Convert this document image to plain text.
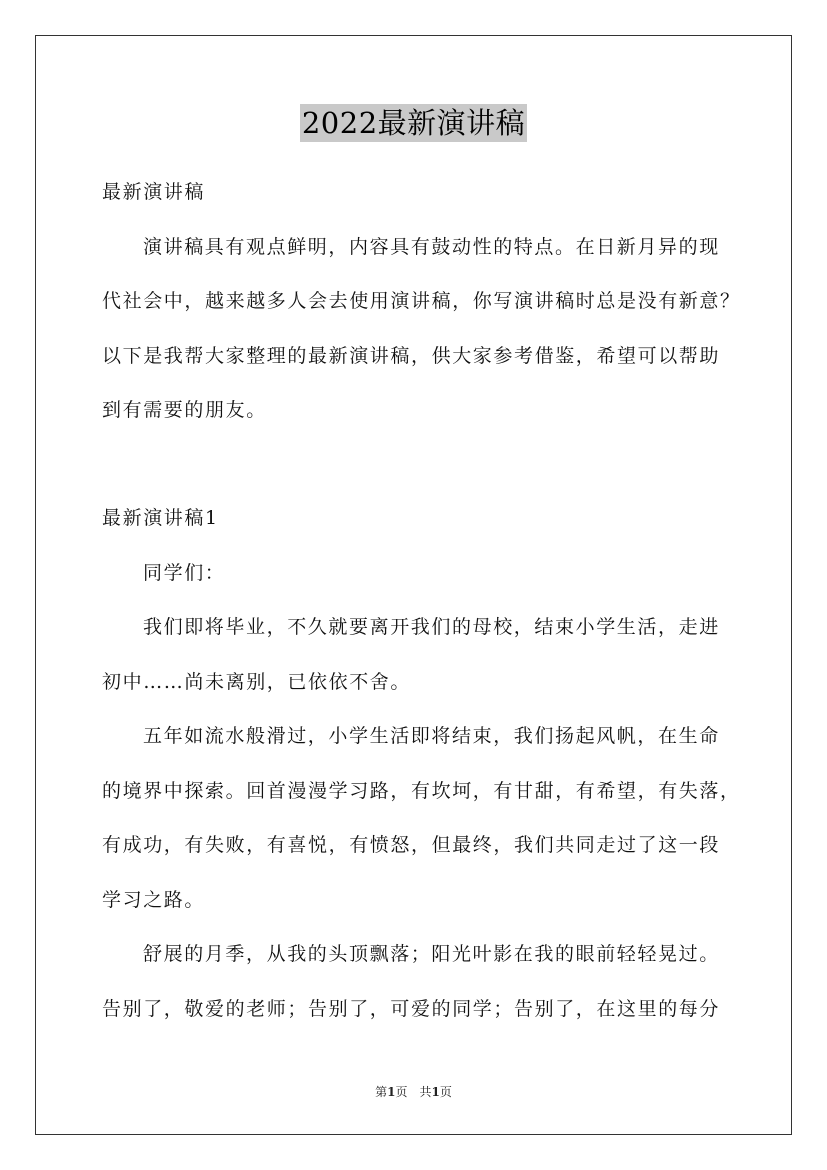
2022最新演讲稿
最新演讲稿
演讲稿具有观点鲜明，内容具有鼓动性的特点。在日新月异的现
代社会中，越来越多人会去使用演讲稿，你写演讲稿时总是没有新意？
以下是我帮大家整理的最新演讲稿，供大家参考借鉴，希望可以帮助
到有需要的朋友。
最新演讲稿1
同学们：
我们即将毕业，不久就要离开我们的母校，结束小学生活，走进
初中……尚未离别，已依依不舍。
五年如流水般滑过，小学生活即将结束，我们扬起风帆，在生命
的境界中探索。回首漫漫学习路，有坎坷，有甘甜，有希望，有失落，
有成功，有失败，有喜悦，有愤怒，但最终，我们共同走过了这一段
学习之路。
舒展的月季，从我的头顶飘落；阳光叶影在我的眼前轻轻晃过。
告别了，敬爱的老师；告别了，可爱的同学；告别了，在这里的每分
第1页　共1页
